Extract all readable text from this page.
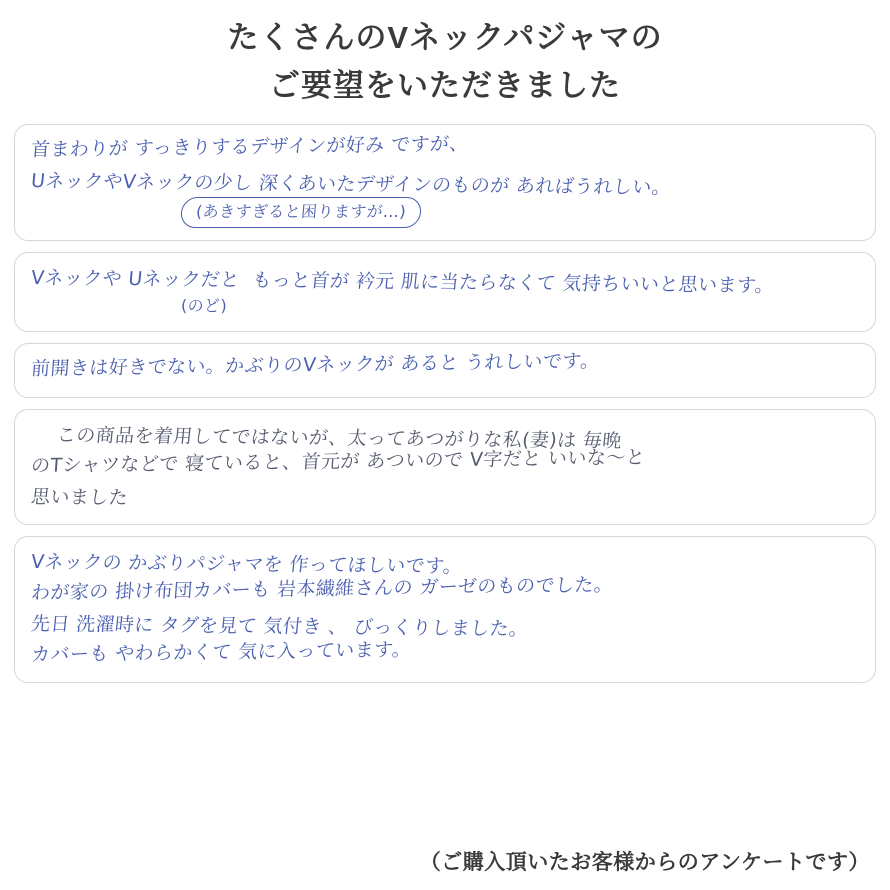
たくさんのVネックパジャマの
ご要望をいただきました
首まわりが すっきりするデザインが好み ですが、
UネックやVネックの少し 深くあいたデザインのものが あればうれしい。
(あきすぎると困りますが…)
Vネックや Uネックだと  もっと首が 衿元 肌に当たらなくて 気持ちいいと思います。
(のど)
前開きは好きでない。かぶりのVネックが あると うれしいです。
この商品を着用してではないが、太ってあつがりな私(妻)は 毎晩
のTシャツなどで 寝ていると、首元が あついので V字だと いいな〜と
思いました
Vネックの かぶりパジャマを 作ってほしいです。
わが家の 掛け布団カバーも 岩本繊維さんの ガーゼのものでした。
先日 洗濯時に タグを見て 気付き 、 びっくりしました。
カバーも やわらかくて 気に入っています。
（ご購入頂いたお客様からのアンケートです）
